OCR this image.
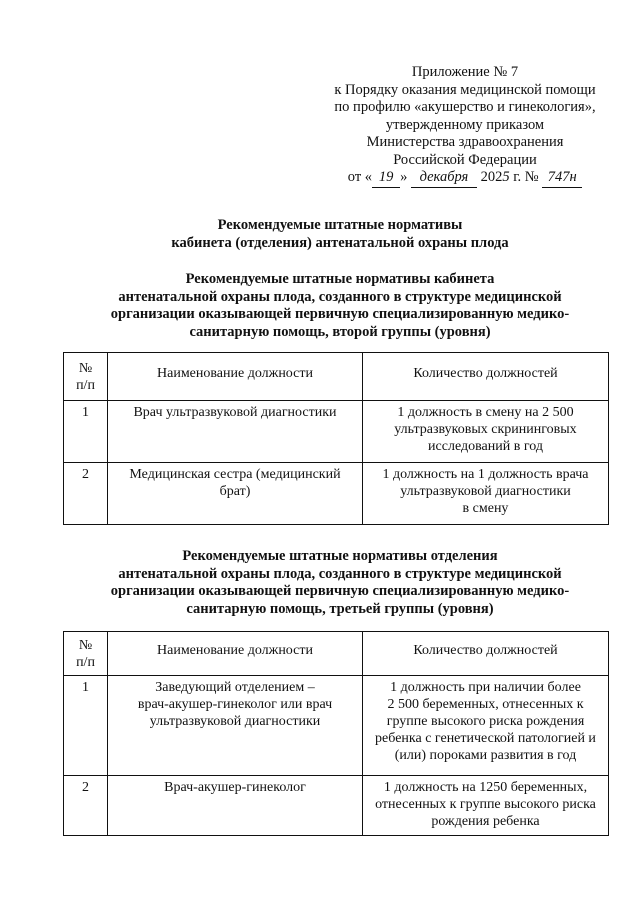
Приложение № 7
к Порядку оказания медицинской помощи
по профилю «акушерство и гинекология»,
утвержденному приказом
Министерства здравоохранения
Российской Федерации
от « 19 » декабря 2025 г. № 747н
Рекомендуемые штатные нормативы
кабинета (отделения) антенатальной охраны плода
Рекомендуемые штатные нормативы кабинета
антенатальной охраны плода, созданного в структуре медицинской
организации оказывающей первичную специализированную медико-
санитарную помощь, второй группы (уровня)
№
п/п	Наименование должности	Количество должностей
1	Врач ультразвуковой диагностики	1 должность в смену на 2 500
ультразвуковых скрининговых
исследований в год
2	Медицинская сестра (медицинский
брат)	1 должность на 1 должность врача
ультразвуковой диагностики
в смену
Рекомендуемые штатные нормативы отделения
антенатальной охраны плода, созданного в структуре медицинской
организации оказывающей первичную специализированную медико-
санитарную помощь, третьей группы (уровня)
№
п/п	Наименование должности	Количество должностей
1	Заведующий отделением –
врач-акушер-гинеколог или врач
ультразвуковой диагностики	1 должность при наличии более
2 500 беременных, отнесенных к
группе высокого риска рождения
ребенка с генетической патологией и
(или) пороками развития в год
2	Врач-акушер-гинеколог	1 должность на 1250 беременных,
отнесенных к группе высокого риска
рождения ребенка
